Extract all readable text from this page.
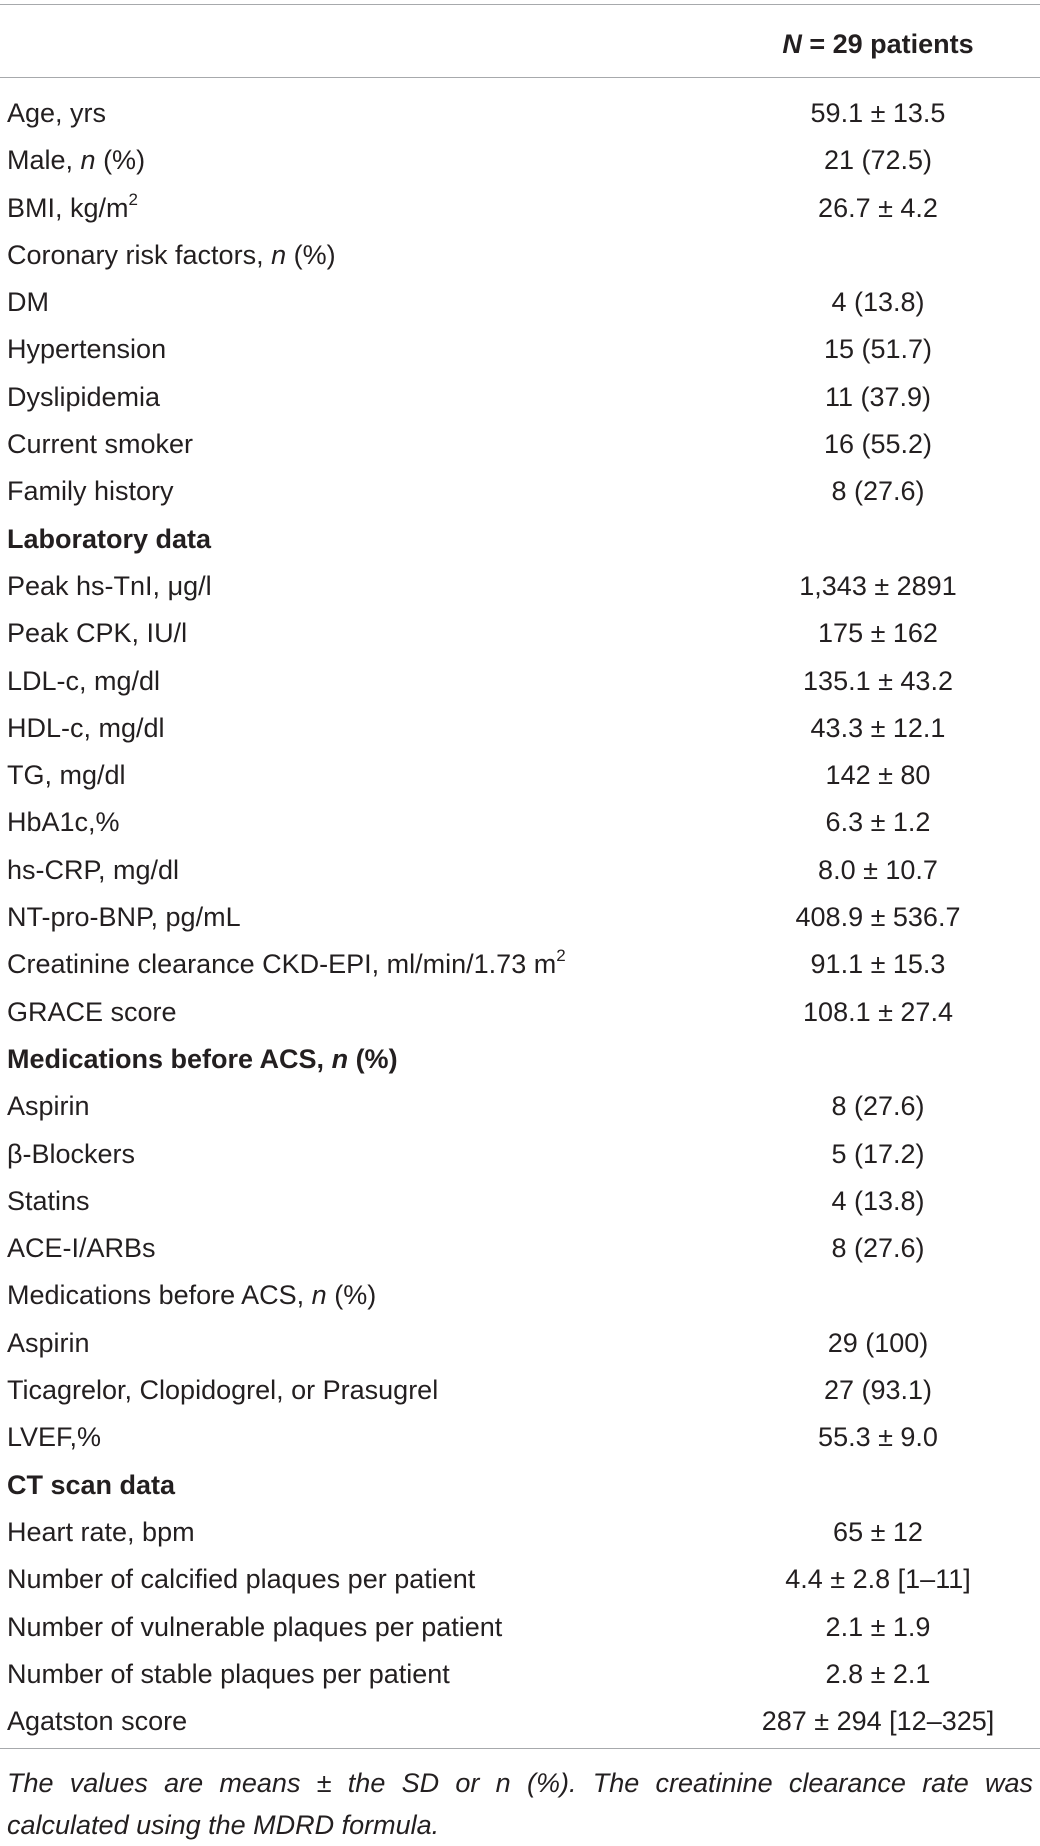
N = 29 patients
Age, yrs	59.1 ± 13.5
Male, n (%)	21 (72.5)
BMI, $kg/m^2$	26.7 ± 4.2
Coronary risk factors, n (%)
DM	4 (13.8)
Hypertension	15 (51.7)
Dyslipidemia	11 (37.9)
Current smoker	16 (55.2)
Family history	8 (27.6)
Laboratory data
Peak hs-TnI, μg/l	1,343 ± 2891
Peak CPK, IU/l	175 ± 162
LDL-c, mg/dl	135.1 ± 43.2
HDL-c, mg/dl	43.3 ± 12.1
TG, mg/dl	142 ± 80
HbA1c,%	6.3 ± 1.2
hs-CRP, mg/dl	8.0 ± 10.7
NT-pro-BNP, pg/mL	408.9 ± 536.7
Creatinine clearance CKD-EPI, ml/min/1.73 $m^2$	91.1 ± 15.3
GRACE score	108.1 ± 27.4
Medications before ACS, n (%)
Aspirin	8 (27.6)
β-Blockers	5 (17.2)
Statins	4 (13.8)
ACE-I/ARBs	8 (27.6)
Medications before ACS, n (%)
Aspirin	29 (100)
Ticagrelor, Clopidogrel, or Prasugrel	27 (93.1)
LVEF,%	55.3 ± 9.0
CT scan data
Heart rate, bpm	65 ± 12
Number of calcified plaques per patient	4.4 ± 2.8 [1–11]
Number of vulnerable plaques per patient	2.1 ± 1.9
Number of stable plaques per patient	2.8 ± 2.1
Agatston score	287 ± 294 [12–325]
The values are means ± the SD or n (%). The creatinine clearance rate was calculated using the MDRD formula.
